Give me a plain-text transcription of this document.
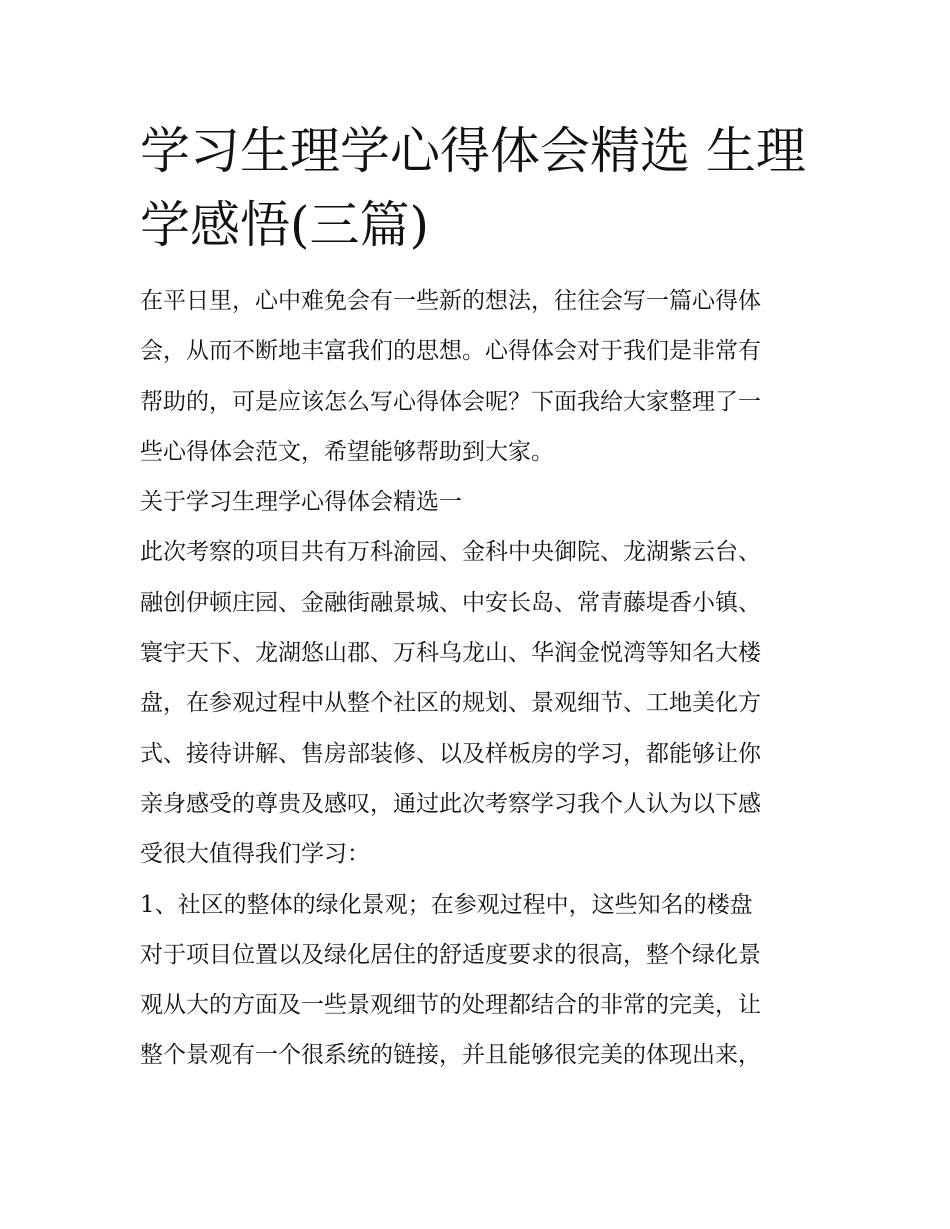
学习生理学心得体会精选 生理
学感悟(三篇)

在平日里，心中难免会有一些新的想法，往往会写一篇心得体
会，从而不断地丰富我们的思想。心得体会对于我们是非常有
帮助的，可是应该怎么写心得体会呢？下面我给大家整理了一
些心得体会范文，希望能够帮助到大家。

关于学习生理学心得体会精选一

此次考察的项目共有万科渝园、金科中央御院、龙湖紫云台、
融创伊顿庄园、金融街融景城、中安长岛、常青藤堤香小镇、
寰宇天下、龙湖悠山郡、万科乌龙山、华润金悦湾等知名大楼
盘，在参观过程中从整个社区的规划、景观细节、工地美化方
式、接待讲解、售房部装修、以及样板房的学习，都能够让你
亲身感受的尊贵及感叹，通过此次考察学习我个人认为以下感
受很大值得我们学习：

1、社区的整体的绿化景观；在参观过程中，这些知名的楼盘
对于项目位置以及绿化居住的舒适度要求的很高，整个绿化景
观从大的方面及一些景观细节的处理都结合的非常的完美，让
整个景观有一个很系统的链接，并且能够很完美的体现出来，
